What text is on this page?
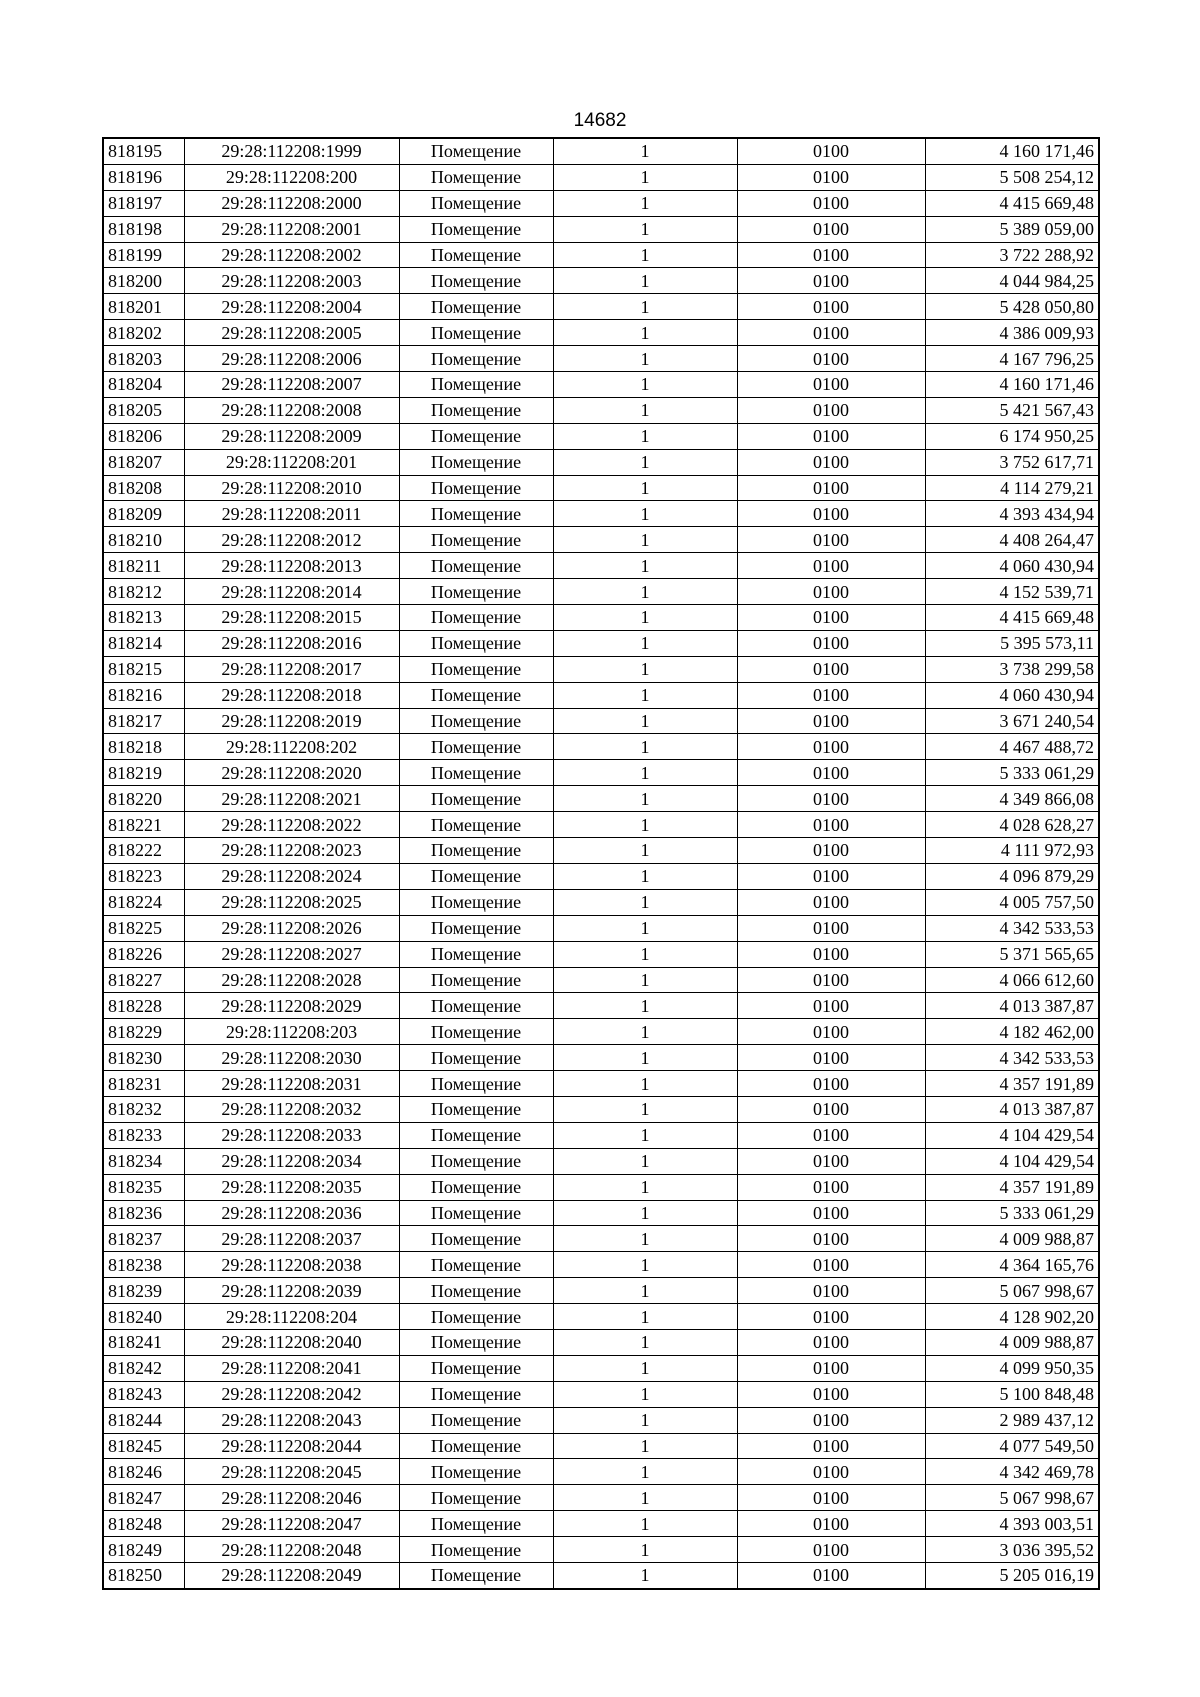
14682
818195	29:28:112208:1999	Помещение	1	0100	4 160 171,46
818196	29:28:112208:200	Помещение	1	0100	5 508 254,12
818197	29:28:112208:2000	Помещение	1	0100	4 415 669,48
818198	29:28:112208:2001	Помещение	1	0100	5 389 059,00
818199	29:28:112208:2002	Помещение	1	0100	3 722 288,92
818200	29:28:112208:2003	Помещение	1	0100	4 044 984,25
818201	29:28:112208:2004	Помещение	1	0100	5 428 050,80
818202	29:28:112208:2005	Помещение	1	0100	4 386 009,93
818203	29:28:112208:2006	Помещение	1	0100	4 167 796,25
818204	29:28:112208:2007	Помещение	1	0100	4 160 171,46
818205	29:28:112208:2008	Помещение	1	0100	5 421 567,43
818206	29:28:112208:2009	Помещение	1	0100	6 174 950,25
818207	29:28:112208:201	Помещение	1	0100	3 752 617,71
818208	29:28:112208:2010	Помещение	1	0100	4 114 279,21
818209	29:28:112208:2011	Помещение	1	0100	4 393 434,94
818210	29:28:112208:2012	Помещение	1	0100	4 408 264,47
818211	29:28:112208:2013	Помещение	1	0100	4 060 430,94
818212	29:28:112208:2014	Помещение	1	0100	4 152 539,71
818213	29:28:112208:2015	Помещение	1	0100	4 415 669,48
818214	29:28:112208:2016	Помещение	1	0100	5 395 573,11
818215	29:28:112208:2017	Помещение	1	0100	3 738 299,58
818216	29:28:112208:2018	Помещение	1	0100	4 060 430,94
818217	29:28:112208:2019	Помещение	1	0100	3 671 240,54
818218	29:28:112208:202	Помещение	1	0100	4 467 488,72
818219	29:28:112208:2020	Помещение	1	0100	5 333 061,29
818220	29:28:112208:2021	Помещение	1	0100	4 349 866,08
818221	29:28:112208:2022	Помещение	1	0100	4 028 628,27
818222	29:28:112208:2023	Помещение	1	0100	4 111 972,93
818223	29:28:112208:2024	Помещение	1	0100	4 096 879,29
818224	29:28:112208:2025	Помещение	1	0100	4 005 757,50
818225	29:28:112208:2026	Помещение	1	0100	4 342 533,53
818226	29:28:112208:2027	Помещение	1	0100	5 371 565,65
818227	29:28:112208:2028	Помещение	1	0100	4 066 612,60
818228	29:28:112208:2029	Помещение	1	0100	4 013 387,87
818229	29:28:112208:203	Помещение	1	0100	4 182 462,00
818230	29:28:112208:2030	Помещение	1	0100	4 342 533,53
818231	29:28:112208:2031	Помещение	1	0100	4 357 191,89
818232	29:28:112208:2032	Помещение	1	0100	4 013 387,87
818233	29:28:112208:2033	Помещение	1	0100	4 104 429,54
818234	29:28:112208:2034	Помещение	1	0100	4 104 429,54
818235	29:28:112208:2035	Помещение	1	0100	4 357 191,89
818236	29:28:112208:2036	Помещение	1	0100	5 333 061,29
818237	29:28:112208:2037	Помещение	1	0100	4 009 988,87
818238	29:28:112208:2038	Помещение	1	0100	4 364 165,76
818239	29:28:112208:2039	Помещение	1	0100	5 067 998,67
818240	29:28:112208:204	Помещение	1	0100	4 128 902,20
818241	29:28:112208:2040	Помещение	1	0100	4 009 988,87
818242	29:28:112208:2041	Помещение	1	0100	4 099 950,35
818243	29:28:112208:2042	Помещение	1	0100	5 100 848,48
818244	29:28:112208:2043	Помещение	1	0100	2 989 437,12
818245	29:28:112208:2044	Помещение	1	0100	4 077 549,50
818246	29:28:112208:2045	Помещение	1	0100	4 342 469,78
818247	29:28:112208:2046	Помещение	1	0100	5 067 998,67
818248	29:28:112208:2047	Помещение	1	0100	4 393 003,51
818249	29:28:112208:2048	Помещение	1	0100	3 036 395,52
818250	29:28:112208:2049	Помещение	1	0100	5 205 016,19
